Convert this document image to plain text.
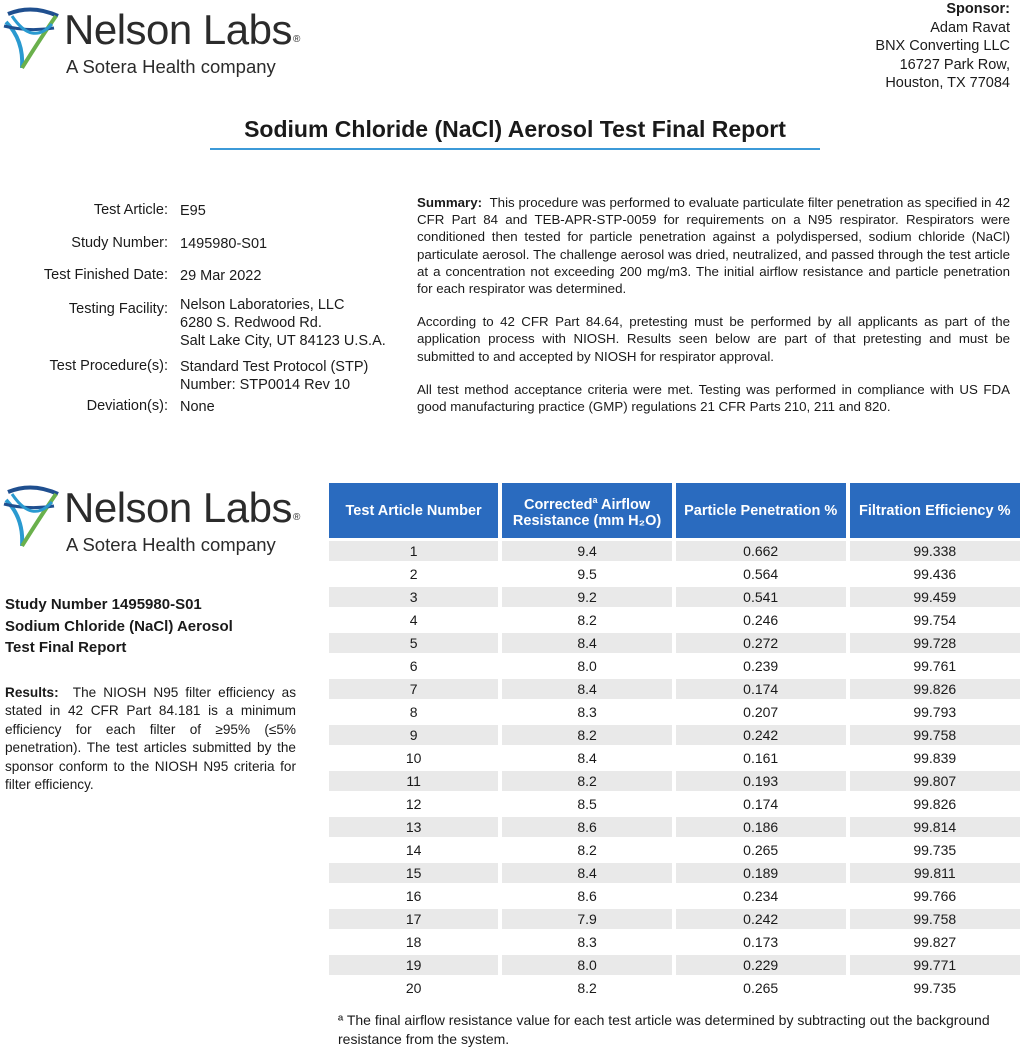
Nelson Labs®
A Sotera Health company
Sponsor:
Adam Ravat
BNX Converting LLC
16727 Park Row,
Houston, TX 77084
Sodium Chloride (NaCl) Aerosol Test Final Report
Test Article: E95
Study Number: 1495980-S01
Test Finished Date: 29 Mar 2022
Testing Facility: Nelson Laboratories, LLC
6280 S. Redwood Rd.
Salt Lake City, UT 84123 U.S.A.
Test Procedure(s): Standard Test Protocol (STP)
Number: STP0014 Rev 10
Deviation(s): None

Summary: This procedure was performed to evaluate particulate filter penetration as specified in 42 CFR Part 84 and TEB-APR-STP-0059 for requirements on a N95 respirator. Respirators were conditioned then tested for particle penetration against a polydispersed, sodium chloride (NaCl) particulate aerosol. The challenge aerosol was dried, neutralized, and passed through the test article at a concentration not exceeding 200 mg/m3. The initial airflow resistance and particle penetration for each respirator was determined.

According to 42 CFR Part 84.64, pretesting must be performed by all applicants as part of the application process with NIOSH. Results seen below are part of that pretesting and must be submitted to and accepted by NIOSH for respirator approval.

All test method acceptance criteria were met. Testing was performed in compliance with US FDA good manufacturing practice (GMP) regulations 21 CFR Parts 210, 211 and 820.

Nelson Labs®
A Sotera Health company
Study Number 1495980-S01
Sodium Chloride (NaCl) Aerosol
Test Final Report
Results: The NIOSH N95 filter efficiency as stated in 42 CFR Part 84.181 is a minimum efficiency for each filter of ≥95% (≤5% penetration). The test articles submitted by the sponsor conform to the NIOSH N95 criteria for filter efficiency.
Test Article Number	Corrected$^a$ Airflow Resistance (mm H₂O)	Particle Penetration %	Filtration Efficiency %
1	9.4	0.662	99.338
2	9.5	0.564	99.436
3	9.2	0.541	99.459
4	8.2	0.246	99.754
5	8.4	0.272	99.728
6	8.0	0.239	99.761
7	8.4	0.174	99.826
8	8.3	0.207	99.793
9	8.2	0.242	99.758
10	8.4	0.161	99.839
11	8.2	0.193	99.807
12	8.5	0.174	99.826
13	8.6	0.186	99.814
14	8.2	0.265	99.735
15	8.4	0.189	99.811
16	8.6	0.234	99.766
17	7.9	0.242	99.758
18	8.3	0.173	99.827
19	8.0	0.229	99.771
20	8.2	0.265	99.735
ª The final airflow resistance value for each test article was determined by subtracting out the background resistance from the system.
